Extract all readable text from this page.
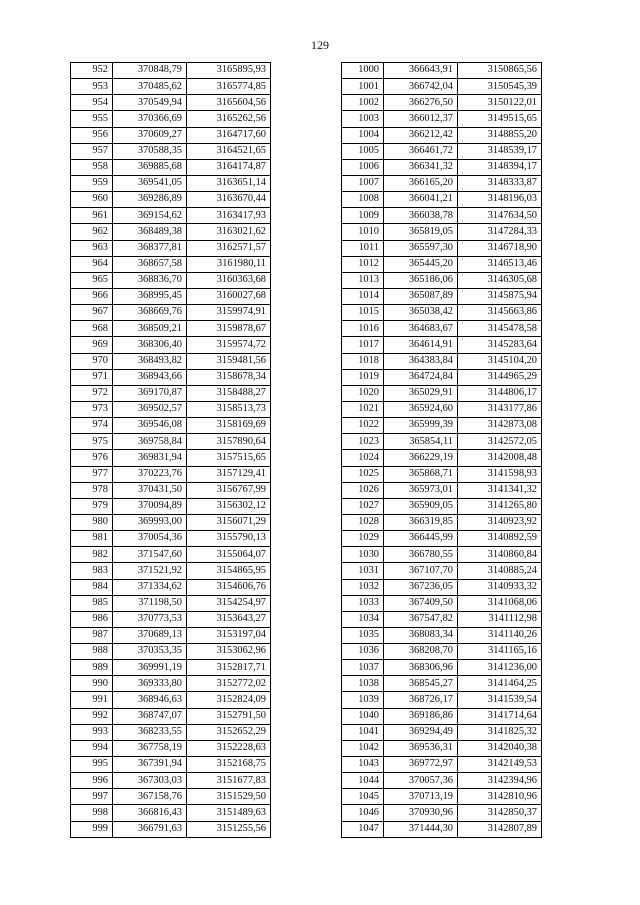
129
952	370848,79	3165895,93
953	370485,62	3165774,85
954	370549,94	3165604,56
955	370366,69	3165262,56
956	370609,27	3164717,60
957	370588,35	3164521,65
958	369885,68	3164174,87
959	369541,05	3163651,14
960	369286,89	3163670,44
961	369154,62	3163417,93
962	368489,38	3163021,62
963	368377,81	3162571,57
964	368657,58	3161980,11
965	368836,70	3160363,68
966	368995,45	3160027,68
967	368669,76	3159974,91
968	368509,21	3159878,67
969	368306,40	3159574,72
970	368493,82	3159481,56
971	368943,66	3158678,34
972	369170,87	3158488,27
973	369502,57	3158513,73
974	369546,08	3158169,69
975	369758,84	3157890,64
976	369831,94	3157515,65
977	370223,76	3157129,41
978	370431,50	3156767,99
979	370094,89	3156302,12
980	369993,00	3156071,29
981	370054,36	3155790,13
982	371547,60	3155064,07
983	371521,92	3154865,95
984	371334,62	3154606,76
985	371198,50	3154254,97
986	370773,53	3153643,27
987	370689,13	3153197,04
988	370353,35	3153062,96
989	369991,19	3152817,71
990	369333,80	3152772,02
991	368946,63	3152824,09
992	368747,07	3152791,50
993	368233,55	3152652,29
994	367758,19	3152228,63
995	367391,94	3152168,75
996	367303,03	3151677,83
997	367158,76	3151529,50
998	366816,43	3151489,63
999	366791,63	3151255,56
1000	366643,91	3150865,56
1001	366742,04	3150545,39
1002	366276,50	3150122,01
1003	366012,37	3149515,65
1004	366212,42	3148855,20
1005	366461,72	3148539,17
1006	366341,32	3148394,17
1007	366165,20	3148333,87
1008	366041,21	3148196,03
1009	366038,78	3147634,50
1010	365819,05	3147284,33
1011	365597,30	3146718,90
1012	365445,20	3146513,46
1013	365186,06	3146305,68
1014	365087,89	3145875,94
1015	365038,42	3145663,86
1016	364683,67	3145478,58
1017	364614,91	3145283,64
1018	364383,84	3145104,20
1019	364724,84	3144965,29
1020	365029,91	3144806,17
1021	365924,60	3143177,86
1022	365999,39	3142873,08
1023	365854,11	3142572,05
1024	366229,19	3142008,48
1025	365868,71	3141598,93
1026	365973,01	3141341,32
1027	365909,05	3141265,80
1028	366319,85	3140923,92
1029	366445,99	3140892,59
1030	366780,55	3140860,84
1031	367107,70	3140885,24
1032	367236,05	3140933,32
1033	367409,50	3141068,06
1034	367547,82	3141112,98
1035	368083,34	3141140,26
1036	368208,70	3141165,16
1037	368306,96	3141236,00
1038	368545,27	3141464,25
1039	368726,17	3141539,54
1040	369186,86	3141714,64
1041	369294,49	3141825,32
1042	369536,31	3142040,38
1043	369772,97	3142149,53
1044	370057,36	3142394,96
1045	370713,19	3142810,96
1046	370930,96	3142850,37
1047	371444,30	3142807,89
